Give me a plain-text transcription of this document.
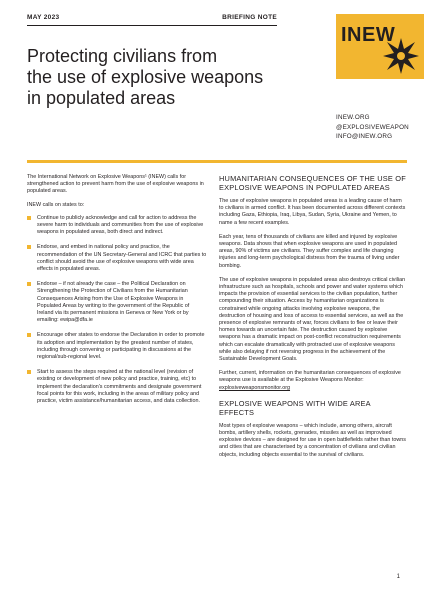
MAY 2023	BRIEFING NOTE
INEW
Protecting civilians from
the use of explosive weapons
in populated areas
INEW.ORG
@EXPLOSIVEWEAPON
INFO@INEW.ORG

The International Network on Explosive Weapons¹ (INEW) calls for strengthened action to prevent harm from the use of explosive weapons in populated areas.

INEW calls on states to:

Continue to publicly acknowledge and call for action to address the severe harm to individuals and communities from the use of explosive weapons in populated areas, both direct and indirect.
Endorse, and embed in national policy and practice, the recommendation of the UN Secretary-General and ICRC that parties to conflict should avoid the use of explosive weapons with wide area effects in populated areas.
Endorse – if not already the case – the Political Declaration on Strengthening the Protection of Civilians from the Humanitarian Consequences Arising from the Use of Explosive Weapons in Populated Areas by writing to the government of the Republic of Ireland via its permanent missions in Geneva or New York or by emailing: ewipa@dfa.ie
Encourage other states to endorse the Declaration in order to promote its adoption and implementation by the greatest number of states, including through convening or participating in discussions at the regional/sub-regional level.
Start to assess the steps required at the national level (revision of existing or development of new policy and practice, training, etc) to implement the declaration's commitments and designate government focal points for this work, including in the areas of military policy and practice, victim assistance/humanitarian access, and data collection.
HUMANITARIAN CONSEQUENCES OF THE USE OF EXPLOSIVE WEAPONS IN POPULATED AREAS

The use of explosive weapons in populated areas is a leading cause of harm to civilians in armed conflict. It has been documented across different contexts including Gaza, Ethiopia, Iraq, Libya, Sudan, Syria, Ukraine and Yemen, to name a few recent examples.

Each year, tens of thousands of civilians are killed and injured by explosive weapons. Data shows that when explosive weapons are used in populated areas, 90% of victims are civilians. They suffer complex and life changing injuries and long-term psychological distress from the trauma of living under bombing.

The use of explosive weapons in populated areas also destroys critical civilian infrastructure such as hospitals, schools and power and water systems which impacts the provision of essential services to the civilian population, further compounding their situation. Access by humanitarian organizations is constrained while ongoing attacks involving explosive weapons, the destruction of housing and loss of access to essential services, as well as the presence of explosive remnants of war, forces civilians to flee or leave their homes towards an uncertain fate. The destruction caused by explosive weapons has a dramatic impact on post-conflict reconstruction requirements which can escalate dramatically with protracted use of explosive weapons while also delaying if not reversing progress in the achievement of the Sustainable Development Goals.

Further, current, information on the humanitarian consequences of explosive weapons use is available at the Explosive Weapons Monitor: explosiveweaponsmonitor.org

EXPLOSIVE WEAPONS WITH WIDE AREA EFFECTS

Most types of explosive weapons – which include, among others, aircraft bombs, artillery shells, rockets, grenades, missiles as well as improvised explosive devices – are designed for use in open battlefields rather than towns and cities that are characterised by a concentration of civilians and civilian objects, including objects essential to the survival of civilians.

1
